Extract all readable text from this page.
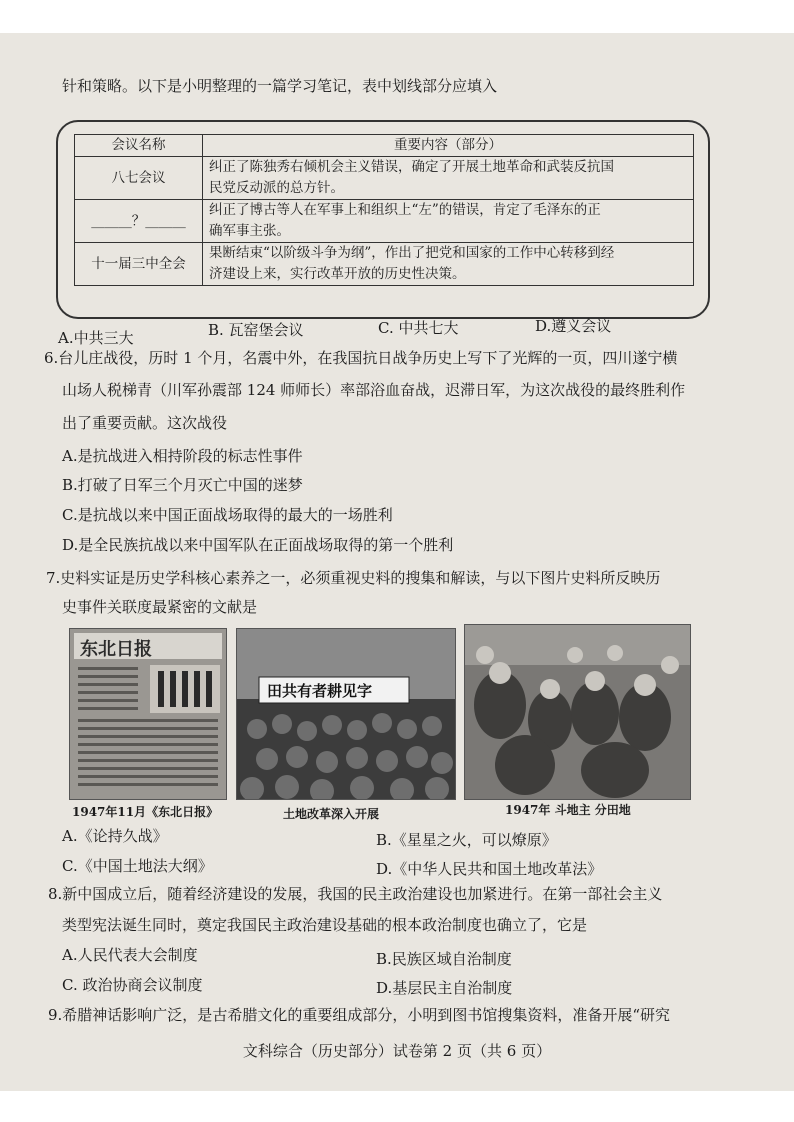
针和策略。以下是小明整理的一篇学习笔记，表中划线部分应填入
会议名称	重要内容（部分）
八七会议	纠正了陈独秀右倾机会主义错误，确定了开展土地革命和武装反抗国
民党反动派的总方针。

______？______	纠正了博古等人在军事上和组织上“左”的错误，肯定了毛泽东的正
确军事主张。

十一届三中全会	果断结束“以阶级斗争为纲”，作出了把党和国家的工作中心转移到经
济建设上来，实行改革开放的历史性决策。
A.中共三大	B. 瓦窑堡会议	C. 中共七大	D.遵义会议
6.台儿庄战役，历时 1 个月，名震中外，在我国抗日战争历史上写下了光辉的一页，四川遂宁横
山场人税梯青（川军孙震部 124 师师长）率部浴血奋战，迟滞日军，为这次战役的最终胜利作
出了重要贡献。这次战役
A.是抗战进入相持阶段的标志性事件
B.打破了日军三个月灭亡中国的迷梦
C.是抗战以来中国正面战场取得的最大的一场胜利
D.是全民族抗战以来中国军队在正面战场取得的第一个胜利
7.史料实证是历史学科核心素养之一，必须重视史料的搜集和解读，与以下图片史料所反映历
史事件关联度最紧密的文献是
东北日报
1947年11月《东北日报》
田共有者耕见字
土地改革深入开展	1947年 斗地主 分田地
A.《论持久战》	B.《星星之火，可以燎原》
C.《中国土地法大纲》	D.《中华人民共和国土地改革法》
8.新中国成立后，随着经济建设的发展，我国的民主政治建设也加紧进行。在第一部社会主义
类型宪法诞生同时，奠定我国民主政治建设基础的根本政治制度也确立了，它是
A.人民代表大会制度	B.民族区域自治制度
C. 政治协商会议制度	D.基层民主自治制度
9.希腊神话影响广泛，是古希腊文化的重要组成部分，小明到图书馆搜集资料，准备开展“研究
文科综合（历史部分）试卷第 2 页（共 6 页）
